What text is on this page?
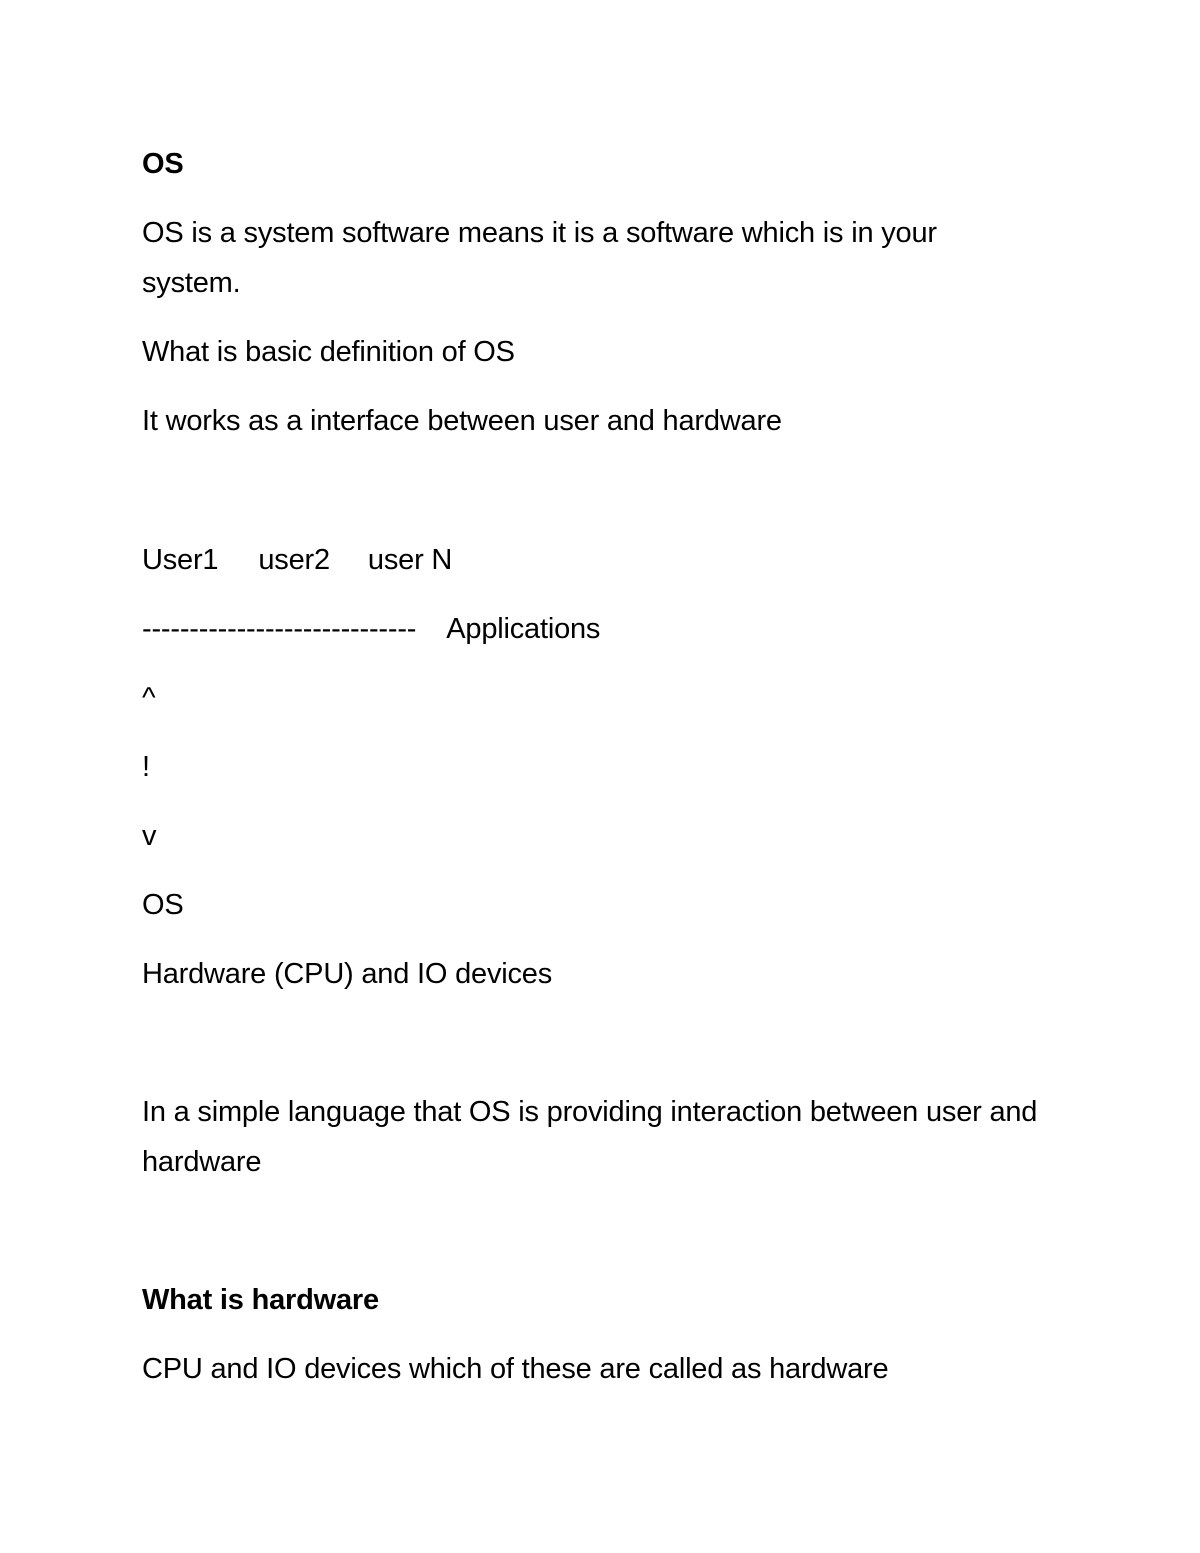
OS
OS is a system software means it is a software which is in your system.
What is basic definition of OS
It works as a interface between user and hardware
User1 user2 user N
----------------------------- Applications
^
!
v
OS
Hardware (CPU) and IO devices
In a simple language that OS is providing interaction between user and hardware
What is hardware
CPU and IO devices which of these are called as hardware
